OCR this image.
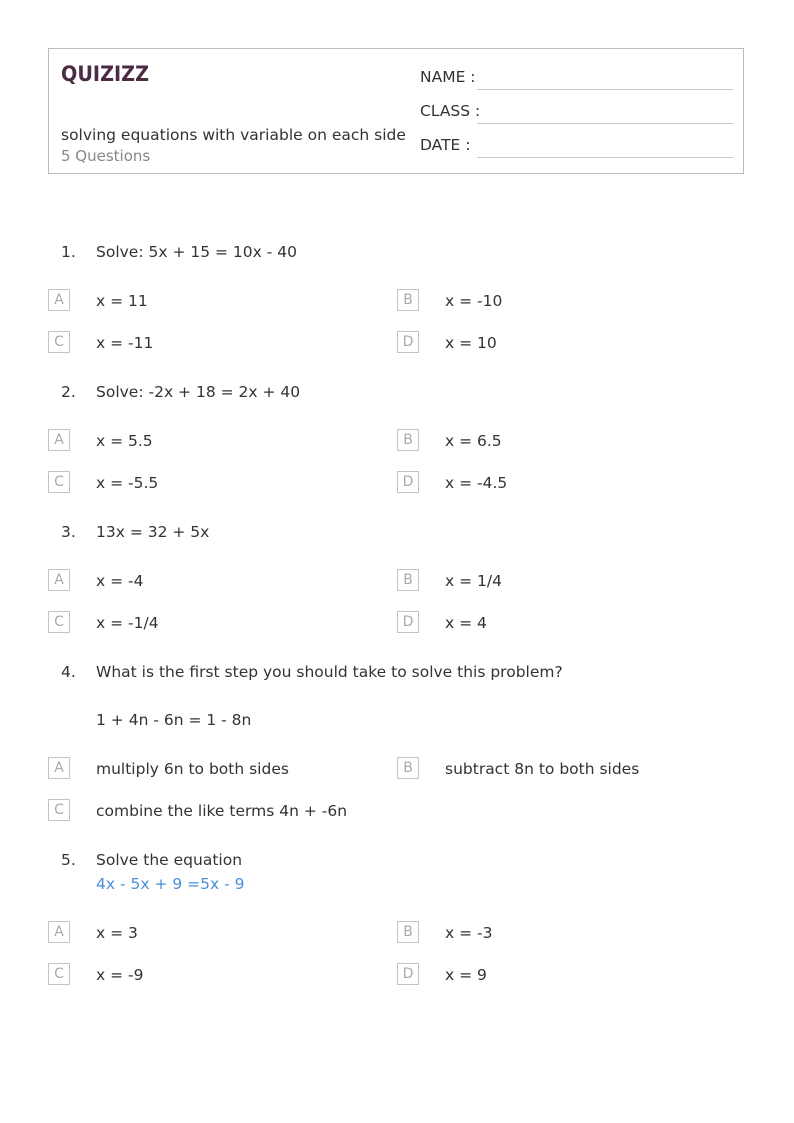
QUIZIZZ
solving equations with variable on each side
5 Questions
NAME :
CLASS :
DATE :
1. Solve: 5x + 15 = 10x - 40
A	x = 11	B	x = -10
C	x = -11	D	x = 10
2. Solve: -2x + 18 = 2x + 40
A	x = 5.5	B	x = 6.5
C	x = -5.5	D	x = -4.5
3. 13x = 32 + 5x
A	x = -4	B	x = 1/4
C	x = -1/4	D	x = 4
4. What is the first step you should take to solve this problem?
1 + 4n - 6n = 1 - 8n
A	multiply 6n to both sides	B	subtract 8n to both sides
C	combine the like terms 4n + -6n
5. Solve the equation
4x - 5x + 9 =5x - 9
A	x = 3	B	x = -3
C	x = -9	D	x = 9
